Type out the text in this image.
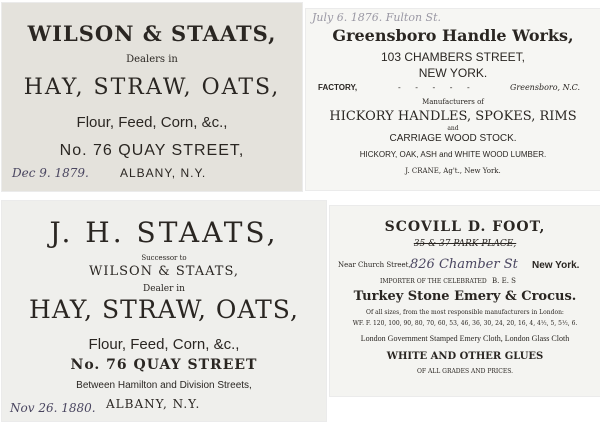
WILSON & STAATS,
Dealers in
HAY, STRAW, OATS,
Flour, Feed, Corn, &c.,
No. 76 QUAY STREET,
ALBANY, N.Y.
Dec 9. 1879.
July 6. 1876. Fulton St.
Greensboro Handle Works,
103 CHAMBERS STREET,
NEW YORK.
FACTORY,	- - - - -	Greensboro, N.C.
Manufacturers of
HICKORY HANDLES, SPOKES, RIMS
and
CARRIAGE WOOD STOCK.
HICKORY, OAK, ASH and WHITE WOOD LUMBER.
J. CRANE, Ag't., New York.
J. H. STAATS,
Successor to
WILSON & STAATS,
Dealer in
HAY, STRAW, OATS,
Flour, Feed, Corn, &c.,
No. 76 QUAY STREET
Between Hamilton and Division Streets,
ALBANY, N.Y.
Nov 26. 1880.
SCOVILL D. FOOT,
35 & 37 PARK PLACE,
Near Church Street, 826 Chamber St New York.
IMPORTER OF THE CELEBRATED B. E. S
Turkey Stone Emery & Crocus.
Of all sizes, from the most responsible manufacturers in London:
WF. F. 120, 100, 90, 80, 70, 60, 53, 46, 36, 30, 24, 20, 16, 4, 4½, 5, 5½, 6.
London Government Stamped Emery Cloth, London Glass Cloth
WHITE AND OTHER GLUES
OF ALL GRADES AND PRICES.
